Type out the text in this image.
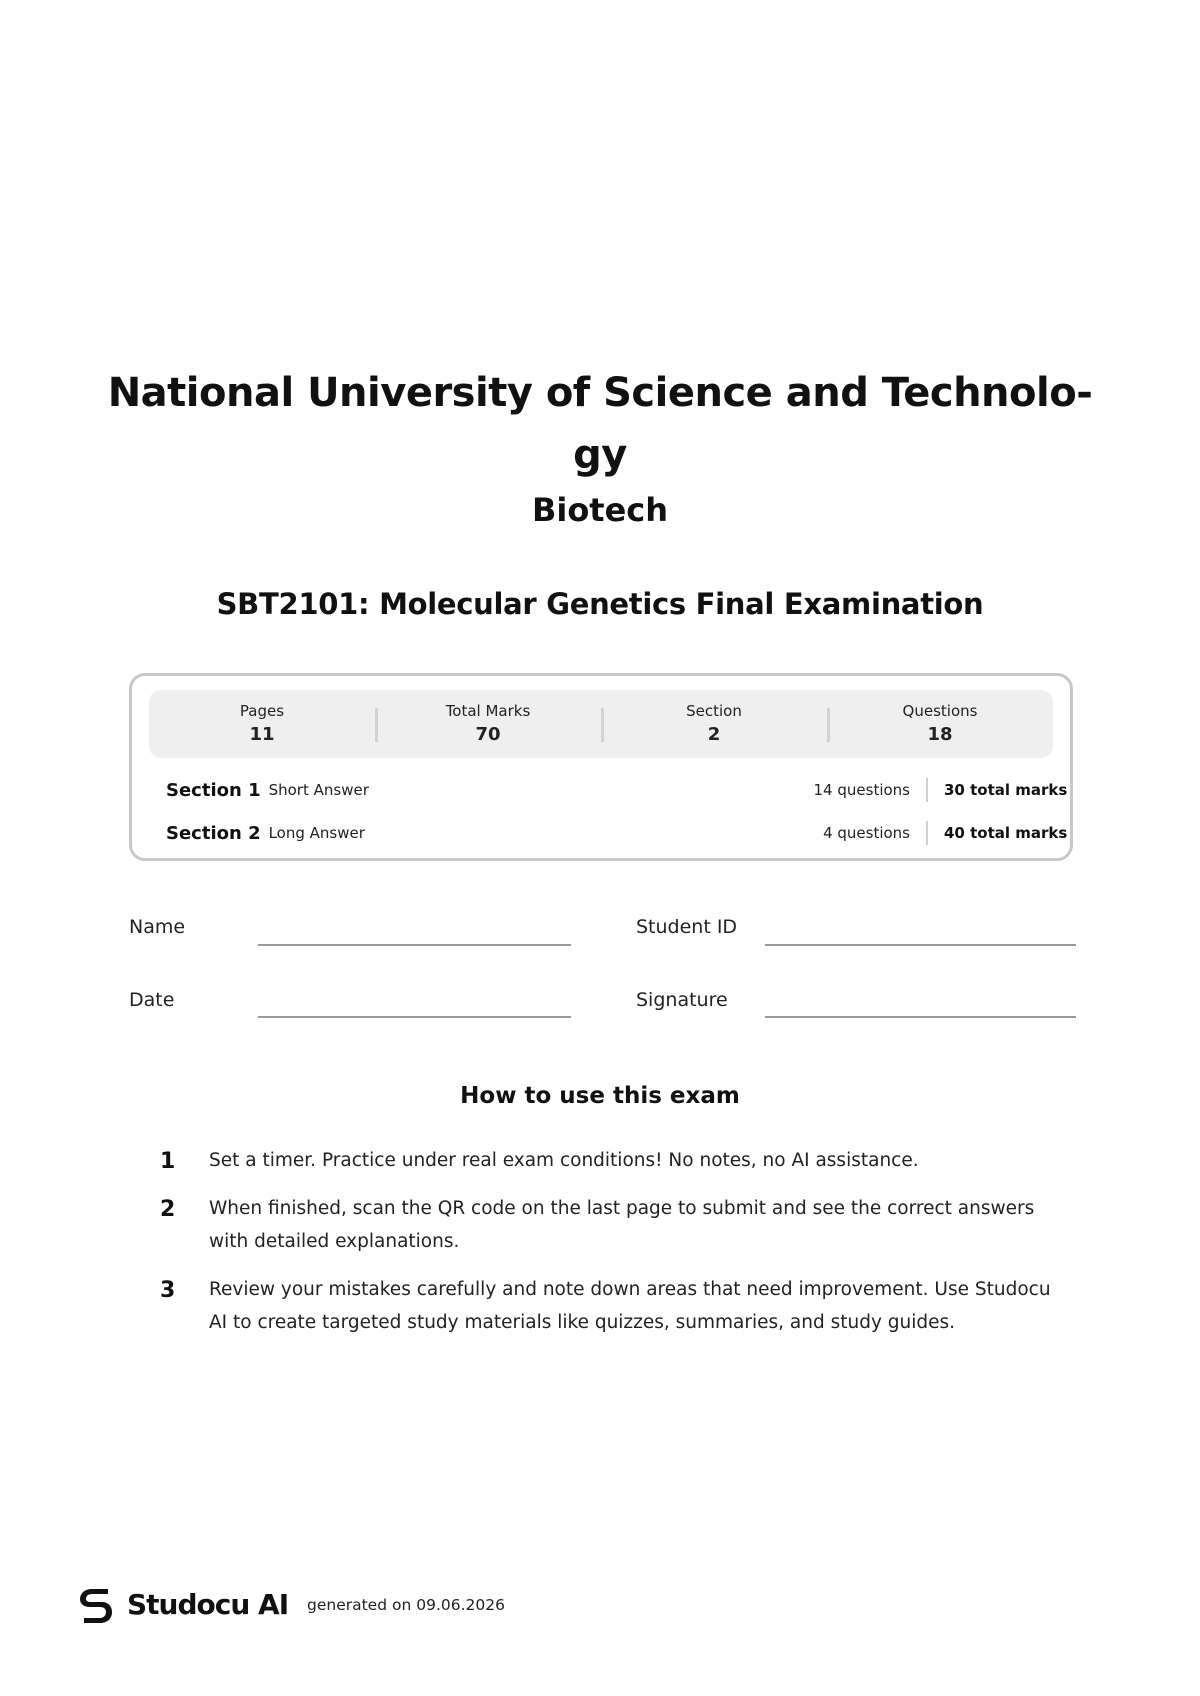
National University of Science and Technolo-
gy
Biotech
SBT2101: Molecular Genetics Final Examination
Pages
11
Total Marks
70
Section
2
Questions
18
Section 1 Short Answer	14 questions	30 total marks
Section 2 Long Answer	4 questions	40 total marks
Name	Student ID
Date	Signature
How to use this exam
1 Set a timer. Practice under real exam conditions! No notes, no AI assistance.
2 When finished, scan the QR code on the last page to submit and see the correct answers with detailed explanations.
3 Review your mistakes carefully and note down areas that need improvement. Use Studocu AI to create targeted study materials like quizzes, summaries, and study guides.
Studocu AI generated on 09.06.2026
